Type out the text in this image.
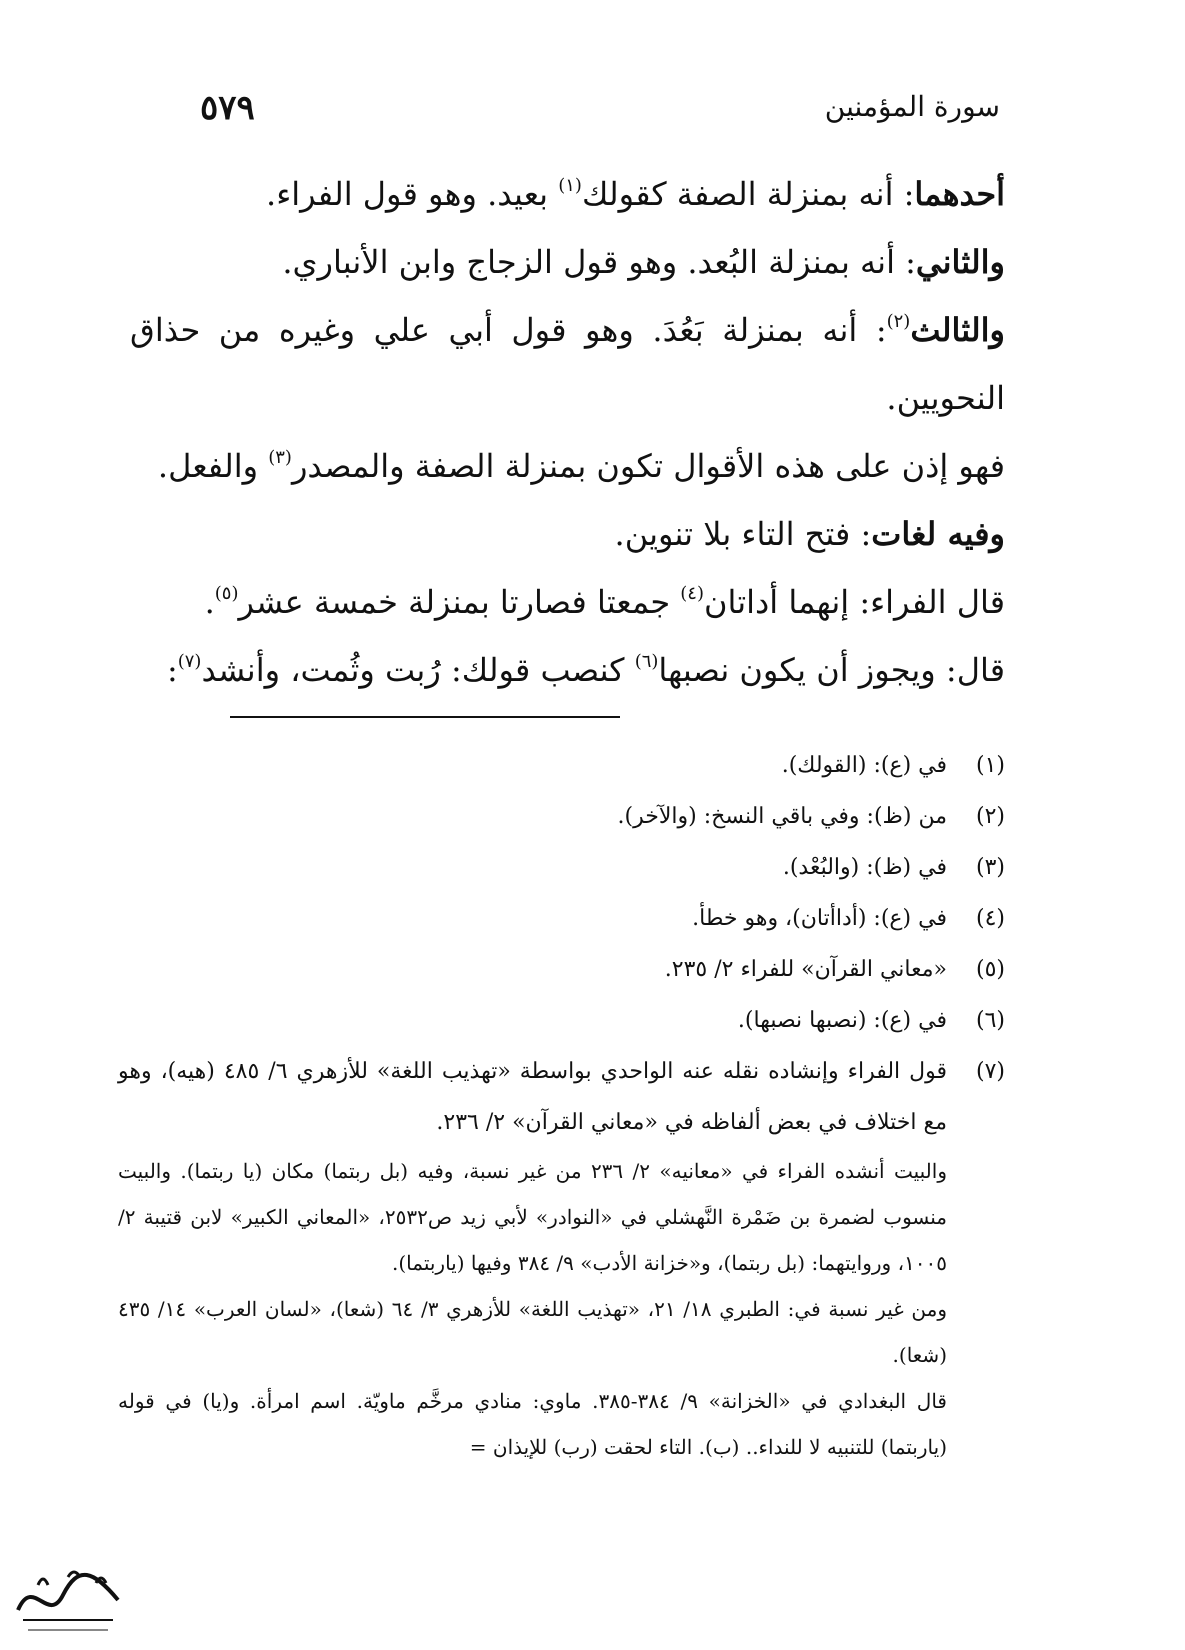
سورة المؤمنين
٥٧٩

أحدهما: أنه بمنزلة الصفة كقولك$^{(١)}$ بعيد. وهو قول الفراء.

والثاني: أنه بمنزلة البُعد. وهو قول الزجاج وابن الأنباري.

والثالث$^{(٢)}$: أنه بمنزلة بَعُدَ. وهو قول أبي علي وغيره من حذاق النحويين.

فهو إذن على هذه الأقوال تكون بمنزلة الصفة والمصدر$^{(٣)}$ والفعل.

وفيه لغات: فتح التاء بلا تنوين.

قال الفراء: إنهما أداتان$^{(٤)}$ جمعتا فصارتا بمنزلة خمسة عشر$^{(٥)}$.

قال: ويجوز أن يكون نصبها$^{(٦)}$ كنصب قولك: رُبت وثُمت، وأنشد$^{(٧)}$:

(١)
في (ع): (القولك).
(٢)
من (ظ): وفي باقي النسخ: (والآخر).
(٣)
في (ظ): (والبُعْد).
(٤)
في (ع): (أداأتان)، وهو خطأ.
(٥)
«معاني القرآن» للفراء ٢/ ٢٣٥.
(٦)
في (ع): (نصبها نصبها).
(٧)
قول الفراء وإنشاده نقله عنه الواحدي بواسطة «تهذيب اللغة» للأزهري ٦/ ٤٨٥ (هيه)، وهو مع اختلاف في بعض ألفاظه في «معاني القرآن» ٢/ ٢٣٦.
والبيت أنشده الفراء في «معانيه» ٢/ ٢٣٦ من غير نسبة، وفيه (بل ربتما) مكان (يا ربتما). والبيت منسوب لضمرة بن ضَمْرة النَّهشلي في «النوادر» لأبي زيد ص٢٥٣٢، «المعاني الكبير» لابن قتيبة ٢/ ١٠٠٥، وروايتهما: (بل ربتما)، و«خزانة الأدب» ٩/ ٣٨٤ وفيها (ياربتما).
ومن غير نسبة في: الطبري ١٨/ ٢١، «تهذيب اللغة» للأزهري ٣/ ٦٤ (شعا)، «لسان العرب» ١٤/ ٤٣٥ (شعا).
قال البغدادي في «الخزانة» ٩/ ٣٨٤-٣٨٥. ماوي: منادي مرخَّم ماويّة. اسم امرأة. و(يا) في قوله (ياربتما) للتنبيه لا للنداء.. (ب). التاء لحقت (رب) للإيذان =
